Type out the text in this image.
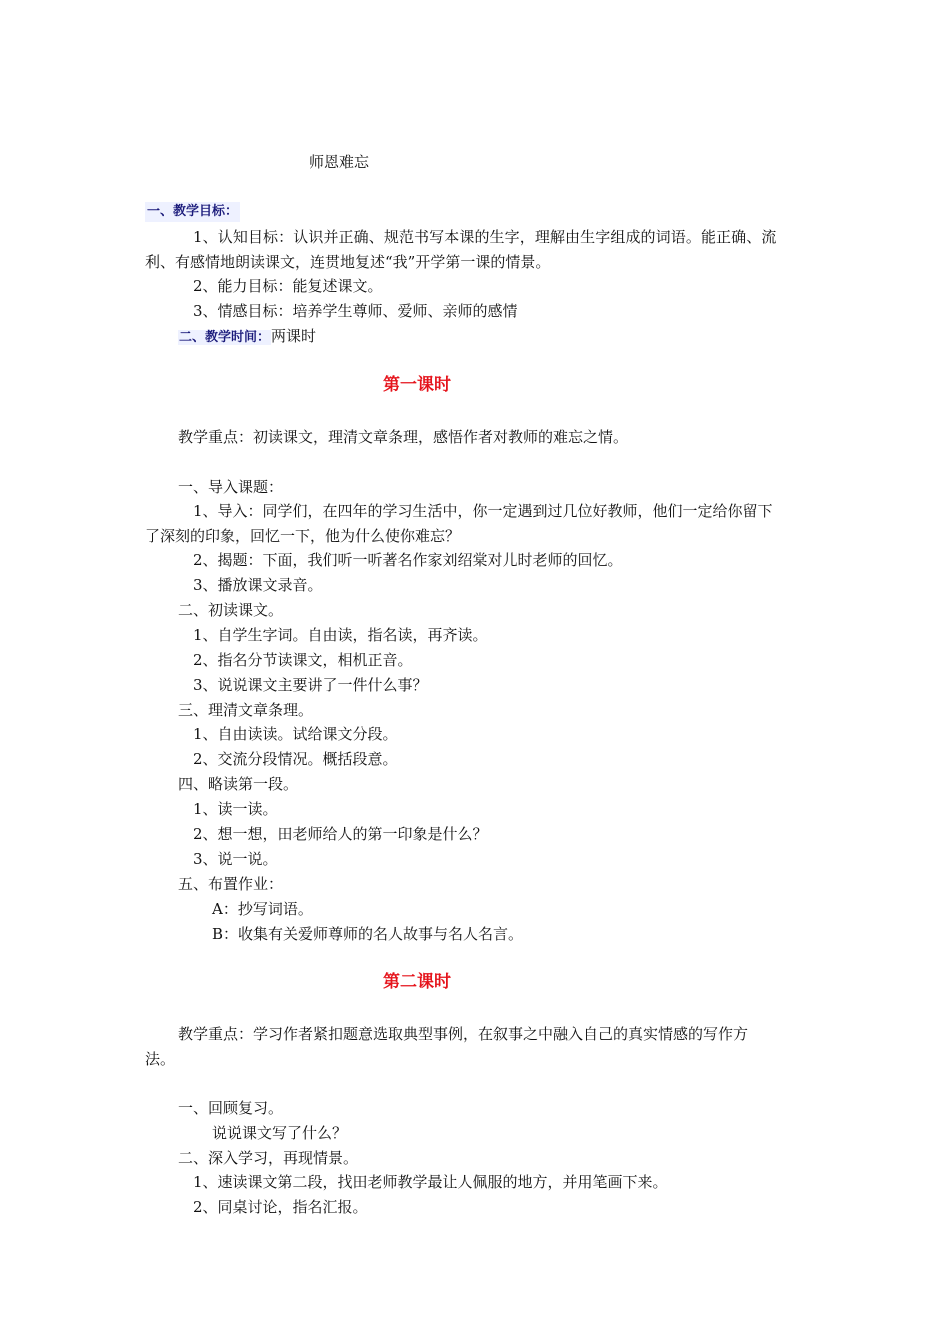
师恩难忘
一、教学目标：
1、认知目标：认识并正确、规范书写本课的生字，理解由生字组成的词语。能正确、流
利、有感情地朗读课文，连贯地复述“我”开学第一课的情景。
2、能力目标：能复述课文。
3、情感目标：培养学生尊师、爱师、亲师的感情
二、教学时间：两课时
第一课时
教学重点：初读课文，理清文章条理，感悟作者对教师的难忘之情。
一、导入课题：
1、导入：同学们，在四年的学习生活中，你一定遇到过几位好教师，他们一定给你留下
了深刻的印象，回忆一下，他为什么使你难忘？
2、揭题：下面，我们听一听著名作家刘绍棠对儿时老师的回忆。
3、播放课文录音。
二、初读课文。
1、自学生字词。自由读，指名读，再齐读。
2、指名分节读课文，相机正音。
3、说说课文主要讲了一件什么事？
三、理清文章条理。
1、自由读读。试给课文分段。
2、交流分段情况。概括段意。
四、略读第一段。
1、读一读。
2、想一想，田老师给人的第一印象是什么？
3、说一说。
五、布置作业：
A：抄写词语。
B：收集有关爱师尊师的名人故事与名人名言。
第二课时
教学重点：学习作者紧扣题意选取典型事例，在叙事之中融入自己的真实情感的写作方
法。
一、回顾复习。
说说课文写了什么？
二、深入学习，再现情景。
1、速读课文第二段，找田老师教学最让人佩服的地方，并用笔画下来。
2、同桌讨论，指名汇报。
